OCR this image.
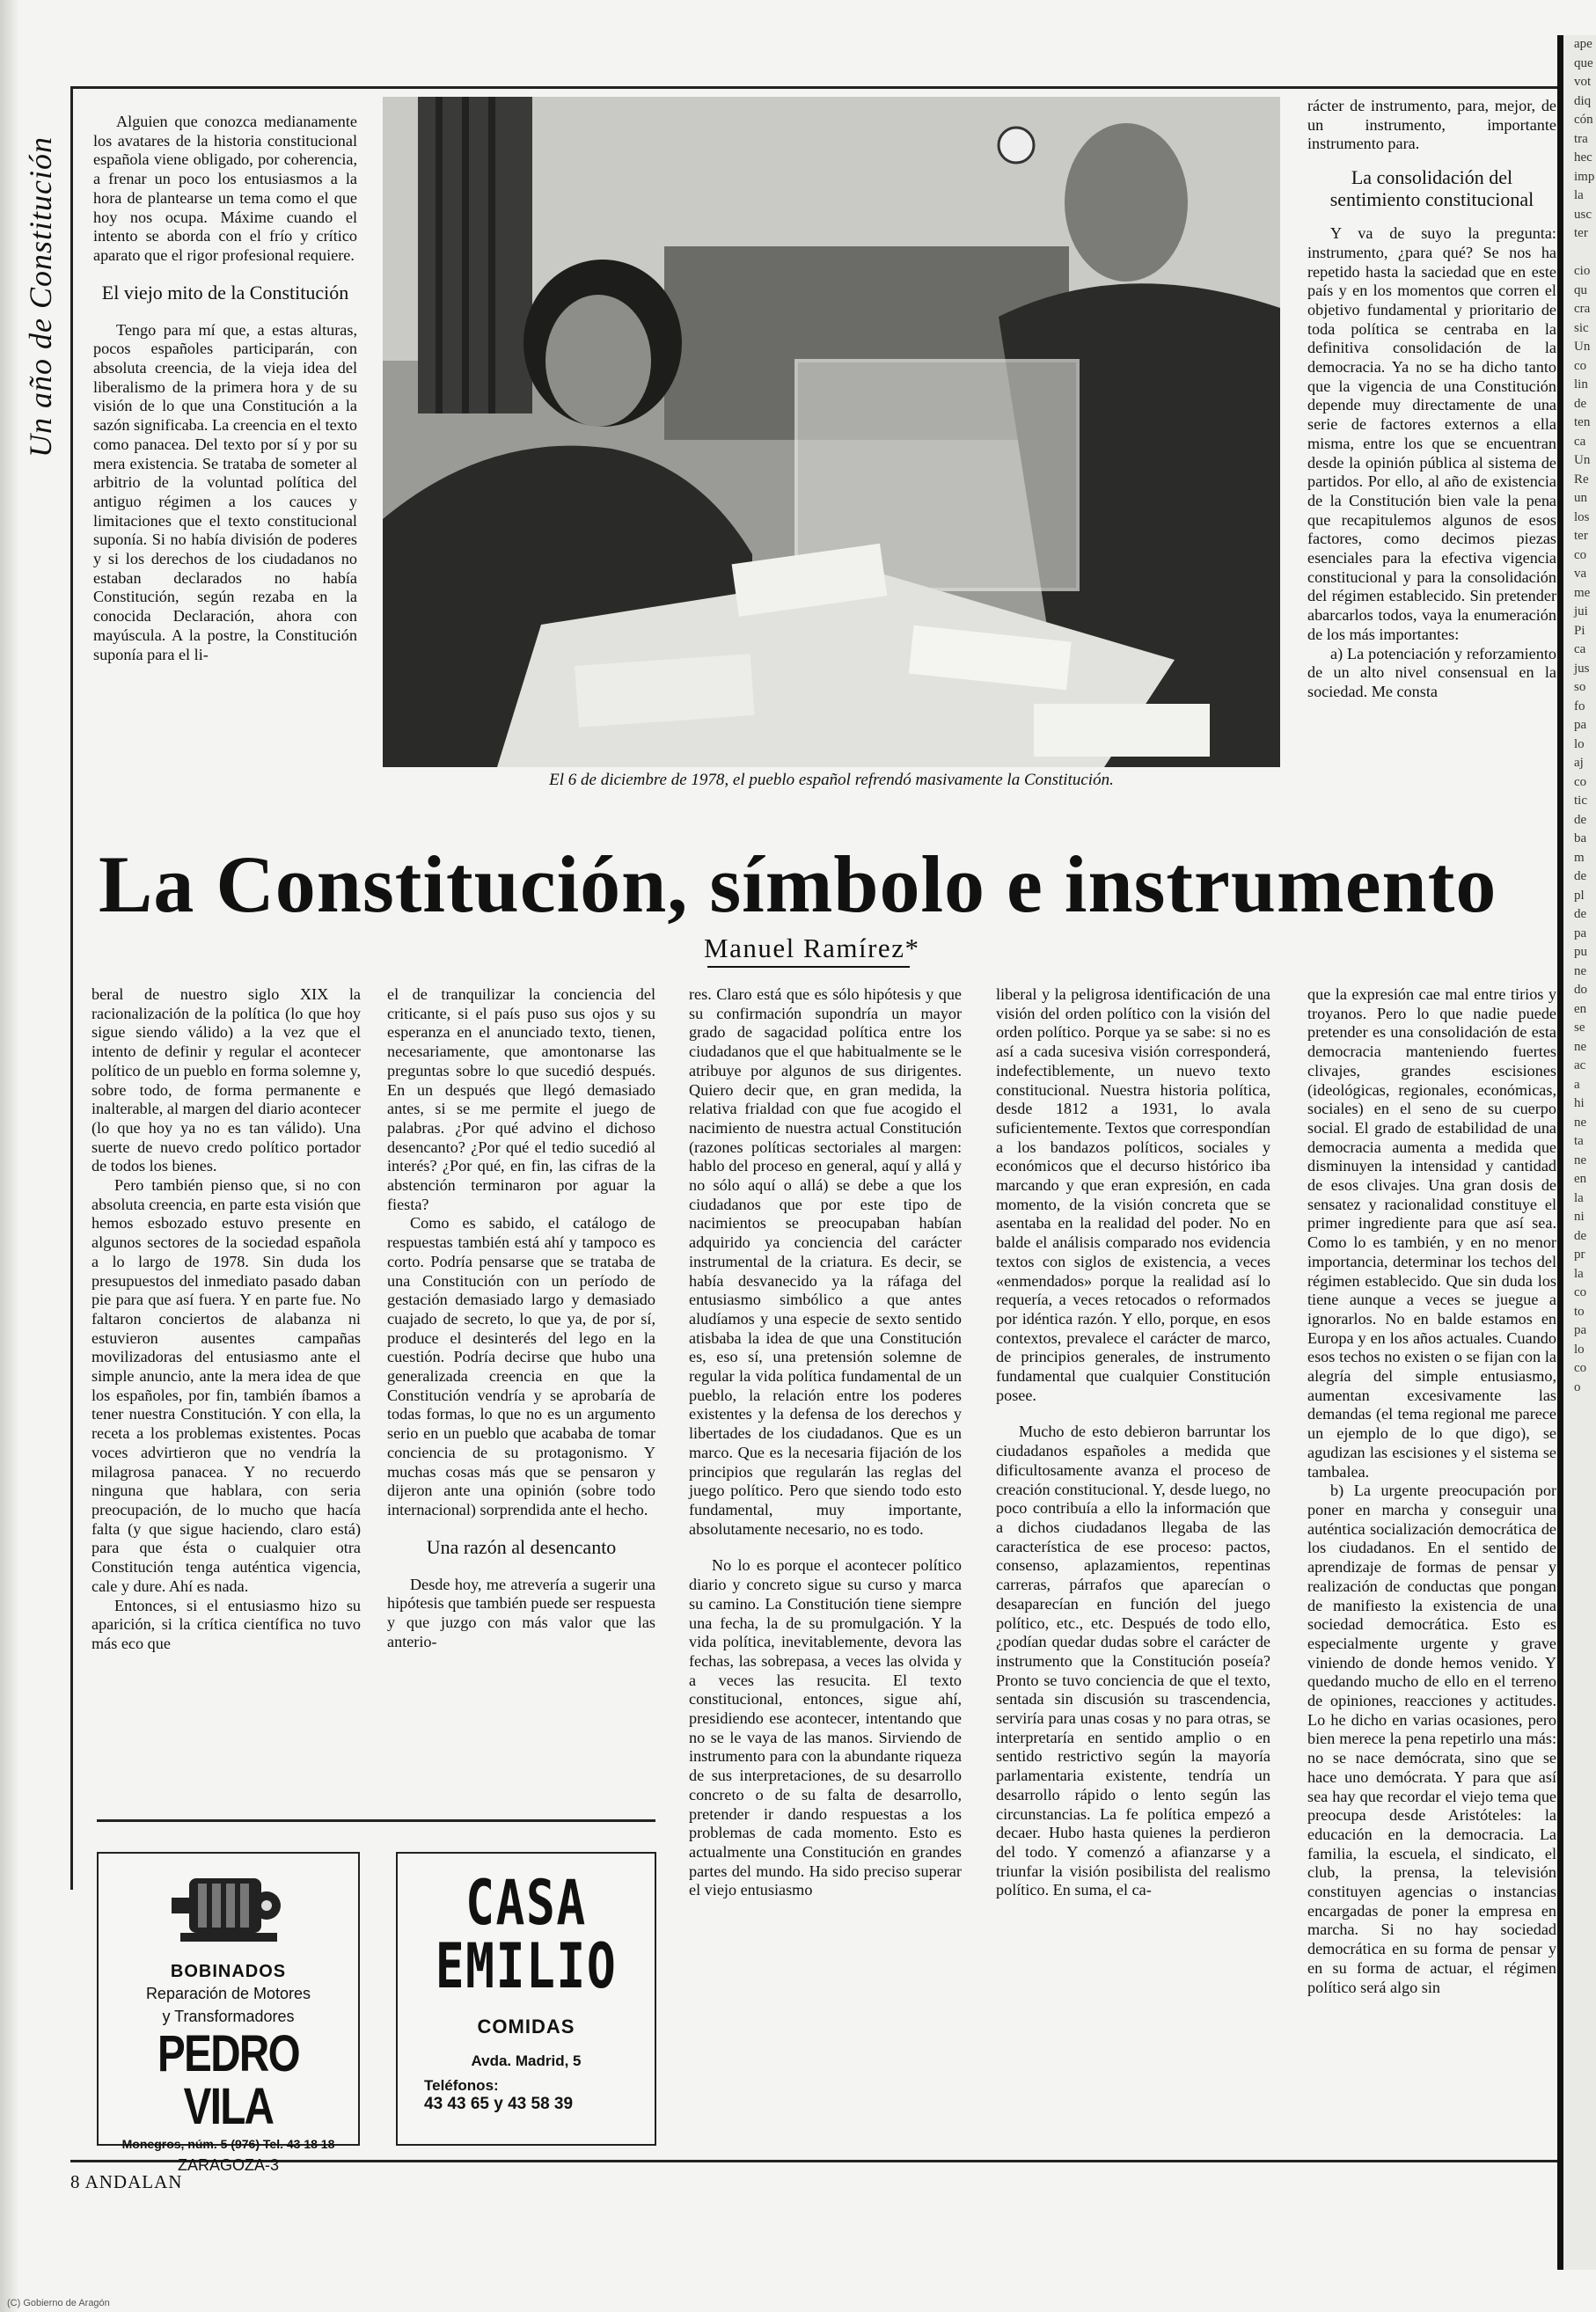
Un año de Constitución

Alguien que conozca medianamente los avatares de la historia constitucional española viene obligado, por coherencia, a frenar un poco los entusiasmos a la hora de plantearse un tema como el que hoy nos ocupa. Máxime cuando el intento se aborda con el frío y crítico aparato que el rigor profesional requiere.

El viejo mito de la Constitución

Tengo para mí que, a estas alturas, pocos españoles participarán, con absoluta creencia, de la vieja idea del liberalismo de la primera hora y de su visión de lo que una Constitución a la sazón significaba. La creencia en el texto como panacea. Del texto por sí y por su mera existencia. Se trataba de someter al arbitrio de la voluntad política del antiguo régimen a los cauces y limitaciones que el texto constitucional suponía. Si no había división de poderes y si los derechos de los ciudadanos no estaban declarados no había Constitución, según rezaba en la conocida Declaración, ahora con mayúscula. A la postre, la Constitución suponía para el li-

El 6 de diciembre de 1978, el pueblo español refrendó masivamente la Constitución.

rácter de instrumento, para, mejor, de un instrumento, importante instrumento para.

La consolidación del sentimiento constitucional

Y va de suyo la pregunta: instrumento, ¿para qué? Se nos ha repetido hasta la saciedad que en este país y en los momentos que corren el objetivo fundamental y prioritario de toda política se centraba en la definitiva consolidación de la democracia. Ya no se ha dicho tanto que la vigencia de una Constitución depende muy directamente de una serie de factores externos a ella misma, entre los que se encuentran desde la opinión pública al sistema de partidos. Por ello, al año de existencia de la Constitución bien vale la pena que recapitulemos algunos de esos factores, como decimos piezas esenciales para la efectiva vigencia constitucional y para la consolidación del régimen establecido. Sin pretender abarcarlos todos, vaya la enumeración de los más importantes:

a) La potenciación y reforzamiento de un alto nivel consensual en la sociedad. Me consta

La Constitución, símbolo e instrumento
Manuel Ramírez*

beral de nuestro siglo XIX la racionalización de la política (lo que hoy sigue siendo válido) a la vez que el intento de definir y regular el acontecer político de un pueblo en forma solemne y, sobre todo, de forma permanente e inalterable, al margen del diario acontecer (lo que hoy ya no es tan válido). Una suerte de nuevo credo político portador de todos los bienes.

Pero también pienso que, si no con absoluta creencia, en parte esta visión que hemos esbozado estuvo presente en algunos sectores de la sociedad española a lo largo de 1978. Sin duda los presupuestos del inmediato pasado daban pie para que así fuera. Y en parte fue. No faltaron conciertos de alabanza ni estuvieron ausentes campañas movilizadoras del entusiasmo ante el simple anuncio, ante la mera idea de que los españoles, por fin, también íbamos a tener nuestra Constitución. Y con ella, la receta a los problemas existentes. Pocas voces advirtieron que no vendría la milagrosa panacea. Y no recuerdo ninguna que hablara, con seria preocupación, de lo mucho que hacía falta (y que sigue haciendo, claro está) para que ésta o cualquier otra Constitución tenga auténtica vigencia, cale y dure. Ahí es nada.

Entonces, si el entusiasmo hizo su aparición, si la crítica científica no tuvo más eco que

el de tranquilizar la conciencia del criticante, si el país puso sus ojos y su esperanza en el anunciado texto, tienen, necesariamente, que amontonarse las preguntas sobre lo que sucedió después. En un después que llegó demasiado antes, si se me permite el juego de palabras. ¿Por qué advino el dichoso desencanto? ¿Por qué el tedio sucedió al interés? ¿Por qué, en fin, las cifras de la abstención terminaron por aguar la fiesta?

Como es sabido, el catálogo de respuestas también está ahí y tampoco es corto. Podría pensarse que se trataba de una Constitución con un período de gestación demasiado largo y demasiado cuajado de secreto, lo que ya, de por sí, produce el desinterés del lego en la cuestión. Podría decirse que hubo una generalizada creencia en que la Constitución vendría y se aprobaría de todas formas, lo que no es un argumento serio en un pueblo que acababa de tomar conciencia de su protagonismo. Y muchas cosas más que se pensaron y dijeron ante una opinión (sobre todo internacional) sorprendida ante el hecho.

Una razón al desencanto

Desde hoy, me atrevería a sugerir una hipótesis que también puede ser respuesta y que juzgo con más valor que las anterio-

res. Claro está que es sólo hipótesis y que su confirmación supondría un mayor grado de sagacidad política entre los ciudadanos que el que habitualmente se le atribuye por algunos de sus dirigentes. Quiero decir que, en gran medida, la relativa frialdad con que fue acogido el nacimiento de nuestra actual Constitución (razones políticas sectoriales al margen: hablo del proceso en general, aquí y allá y no sólo aquí o allá) se debe a que los ciudadanos que por este tipo de nacimientos se preocupaban habían adquirido ya conciencia del carácter instrumental de la criatura. Es decir, se había desvanecido ya la ráfaga del entusiasmo simbólico a que antes aludíamos y una especie de sexto sentido atisbaba la idea de que una Constitución es, eso sí, una pretensión solemne de regular la vida política fundamental de un pueblo, la relación entre los poderes existentes y la defensa de los derechos y libertades de los ciudadanos. Que es un marco. Que es la necesaria fijación de los principios que regularán las reglas del juego político. Pero que siendo todo esto fundamental, muy importante, absolutamente necesario, no es todo.

No lo es porque el acontecer político diario y concreto sigue su curso y marca su camino. La Constitución tiene siempre una fecha, la de su promulgación. Y la vida política, inevitablemente, devora las fechas, las sobrepasa, a veces las olvida y a veces las resucita. El texto constitucional, entonces, sigue ahí, presidiendo ese acontecer, intentando que no se le vaya de las manos. Sirviendo de instrumento para con la abundante riqueza de sus interpretaciones, de su desarrollo concreto o de su falta de desarrollo, pretender ir dando respuestas a los problemas de cada momento. Esto es actualmente una Constitución en grandes partes del mundo. Ha sido preciso superar el viejo entusiasmo

liberal y la peligrosa identificación de una visión del orden político con la visión del orden político. Porque ya se sabe: si no es así a cada sucesiva visión corresponderá, indefectiblemente, un nuevo texto constitucional. Nuestra historia política, desde 1812 a 1931, lo avala suficientemente. Textos que correspondían a los bandazos políticos, sociales y económicos que el decurso histórico iba marcando y que eran expresión, en cada momento, de la visión concreta que se asentaba en la realidad del poder. No en balde el análisis comparado nos evidencia textos con siglos de existencia, a veces «enmendados» porque la realidad así lo requería, a veces retocados o reformados por idéntica razón. Y ello, porque, en esos contextos, prevalece el carácter de marco, de principios generales, de instrumento fundamental que cualquier Constitución posee.

Mucho de esto debieron barruntar los ciudadanos españoles a medida que dificultosamente avanza el proceso de creación constitucional. Y, desde luego, no poco contribuía a ello la información que a dichos ciudadanos llegaba de las característica de ese proceso: pactos, consenso, aplazamientos, repentinas carreras, párrafos que aparecían o desaparecían en función del juego político, etc., etc. Después de todo ello, ¿podían quedar dudas sobre el carácter de instrumento que la Constitución poseía? Pronto se tuvo conciencia de que el texto, sentada sin discusión su trascendencia, serviría para unas cosas y no para otras, se interpretaría en sentido amplio o en sentido restrictivo según la mayoría parlamentaria existente, tendría un desarrollo rápido o lento según las circunstancias. La fe política empezó a decaer. Hubo hasta quienes la perdieron del todo. Y comenzó a afianzarse y a triunfar la visión posibilista del realismo político. En suma, el ca-

que la expresión cae mal entre tirios y troyanos. Pero lo que nadie puede pretender es una consolidación de esta democracia manteniendo fuertes clivajes, grandes escisiones (ideológicas, regionales, económicas, sociales) en el seno de su cuerpo social. El grado de estabilidad de una democracia aumenta a medida que disminuyen la intensidad y cantidad de esos clivajes. Una gran dosis de sensatez y racionalidad constituye el primer ingrediente para que así sea. Como lo es también, y en no menor importancia, determinar los techos del régimen establecido. Que sin duda los tiene aunque a veces se juegue a ignorarlos. No en balde estamos en Europa y en los años actuales. Cuando esos techos no existen o se fijan con la alegría del simple entusiasmo, aumentan excesivamente las demandas (el tema regional me parece un ejemplo de lo que digo), se agudizan las escisiones y el sistema se tambalea.

b) La urgente preocupación por poner en marcha y conseguir una auténtica socialización democrática de los ciudadanos. En el sentido de aprendizaje de formas de pensar y realización de conductas que pongan de manifiesto la existencia de una sociedad democrática. Esto es especialmente urgente y grave viniendo de donde hemos venido. Y quedando mucho de ello en el terreno de opiniones, reacciones y actitudes. Lo he dicho en varias ocasiones, pero bien merece la pena repetirlo una más: no se nace demócrata, sino que se hace uno demócrata. Y para que así sea hay que recordar el viejo tema que preocupa desde Aristóteles: la educación en la democracia. La familia, la escuela, el sindicato, el club, la prensa, la televisión constituyen agencias o instancias encargadas de poner la empresa en marcha. Si no hay sociedad democrática en su forma de pensar y en su forma de actuar, el régimen político será algo sin

BOBINADOS
Reparación de Motores
y Transformadores
PEDRO VILA
Monegros, núm. 5 (976) Tel. 43 18 18
ZARAGOZA-3
CASA
EMILIO
COMIDAS
Avda. Madrid, 5
Teléfonos:
43 43 65 y 43 58 39
8 ANDALAN
(C) Gobierno de Aragón
ape
que
vot
diq
cón
tra
hec
imp
la
usc
ter

cio
qu
cra
sic
Un
co
lin
de
ten
ca
Un
Re
un
los
ter
co
va
me
jui
Pi
ca
jus
so
fo
pa
lo
aj
co
tic
de
ba
m
de
pl
de
pa
pu
ne
do
en
se
ne
ac
a
hi
ne
ta
ne
en
la
ni
de
pr
la
co
to
pa
lo
co
o
